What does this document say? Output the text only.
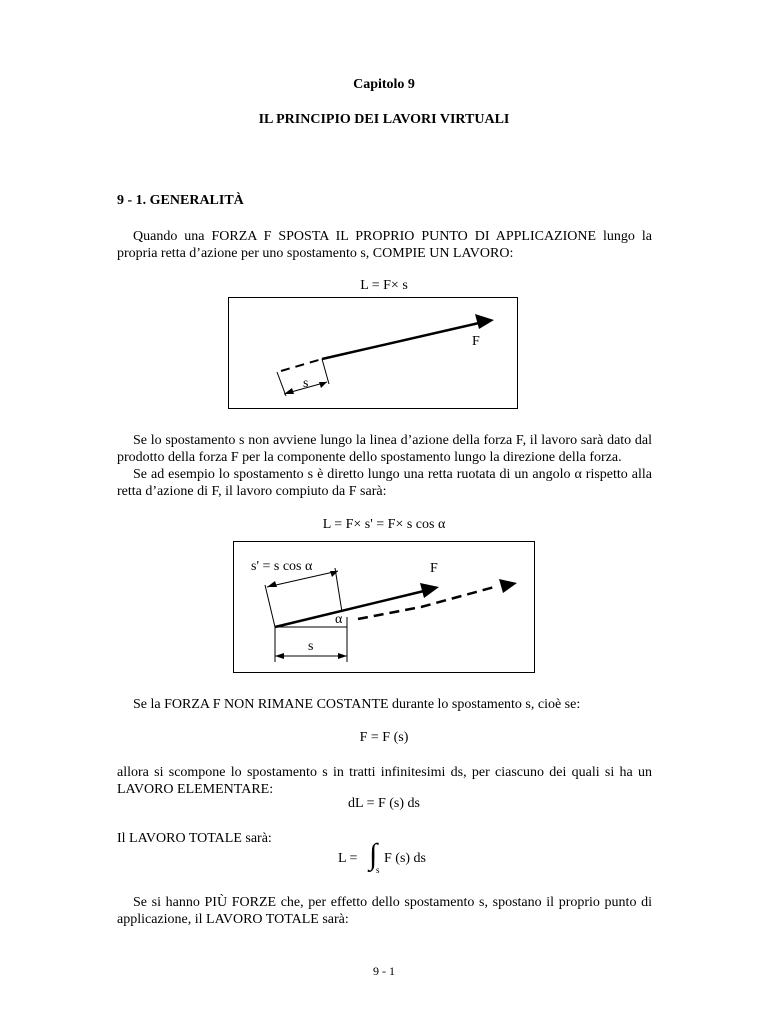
Capitolo 9
IL PRINCIPIO DEI LAVORI VIRTUALI
9 - 1. GENERALITÀ
Quando una FORZA F SPOSTA IL PROPRIO PUNTO DI APPLICAZIONE lungo la propria retta d’azione per uno spostamento s, COMPIE UN LAVORO:
L = F× s
F
s
Se lo spostamento s non avviene lungo la linea d’azione della forza F, il lavoro sarà dato dal prodotto della forza F per la componente dello spostamento lungo la direzione della forza.
Se ad esempio lo spostamento s è diretto lungo una retta ruotata di un angolo α rispetto alla retta d’azione di F, il lavoro compiuto da F sarà:
L = F× s' = F× s cos α
s' = s cos α	F
α
s
Se la FORZA F NON RIMANE COSTANTE durante lo spostamento s, cioè se:
F = F (s)
allora si scompone lo spostamento s in tratti infinitesimi ds, per ciascuno dei quali si ha un LAVORO ELEMENTARE:
dL = F (s) ds
Il LAVORO TOTALE sarà:
L = ∫
s
F (s) ds
Se si hanno PIÙ FORZE che, per effetto dello spostamento s, spostano il proprio punto di applicazione, il LAVORO TOTALE sarà:
9 - 1
